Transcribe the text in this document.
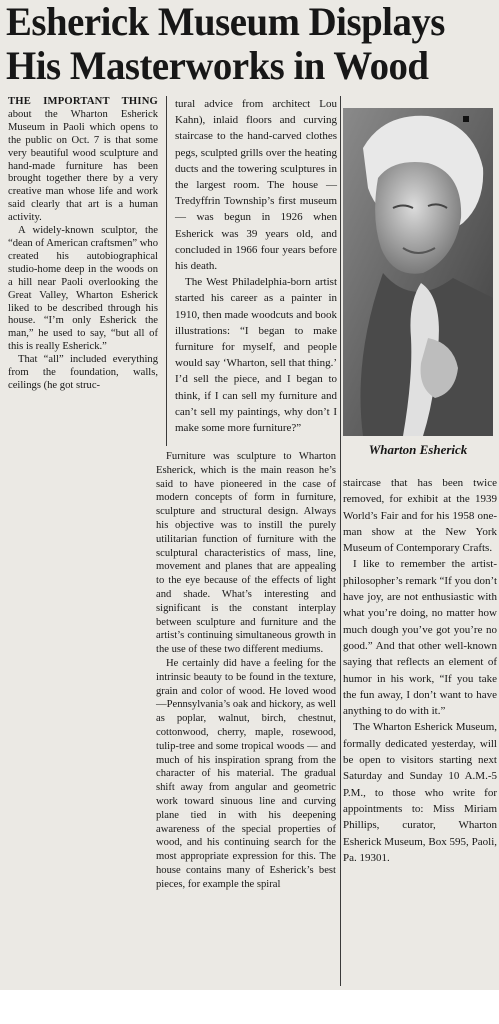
Esherick Museum Displays
His Masterworks in Wood

THE IMPORTANT THING about the Wharton Esherick Museum in Paoli which opens to the public on Oct. 7 is that some very beautiful wood sculpture and hand-made furniture has been brought together there by a very creative man whose life and work said clearly that art is a human activity.

A widely-known sculptor, the “dean of American craftsmen” who created his autobiographical studio-home deep in the woods on a hill near Paoli overlooking the Great Valley, Wharton Esherick liked to be described through his house. “I’m only Esherick the man,” he used to say, “but all of this is really Esherick.”

That “all” included everything from the foundation, walls, ceilings (he got struc-

tural advice from architect Lou Kahn), inlaid floors and curving staircase to the hand-carved clothes pegs, sculpted grills over the heating ducts and the towering sculptures in the largest room. The house — Tredyffrin Township’s first museum — was begun in 1926 when Esherick was 39 years old, and concluded in 1966 four years before his death.

The West Philadelphia-born artist started his career as a painter in 1910, then made woodcuts and book illustrations: “I began to make furniture for myself, and people would say ‘Wharton, sell that thing.’ I’d sell the piece, and I began to think, if I can sell my furniture and can’t sell my paintings, why don’t I make some more furniture?”

Furniture was sculpture to Wharton Esherick, which is the main reason he’s said to have pioneered in the case of modern concepts of form in furniture, sculpture and structural design. Always his objective was to instill the purely utilitarian function of furniture with the sculptural characteristics of mass, line, movement and planes that are appealing to the eye because of the effects of light and shade. What’s interesting and significant is the constant interplay between sculpture and furniture and the artist’s continuing simultaneous growth in the use of these two different mediums.

He certainly did have a feeling for the intrinsic beauty to be found in the texture, grain and color of wood. He loved wood—Pennsylvania’s oak and hickory, as well as poplar, walnut, birch, chestnut, cottonwood, cherry, maple, rosewood, tulip-tree and some tropical woods — and much of his inspiration sprang from the character of his material. The gradual shift away from angular and geometric work toward sinuous line and curving plane tied in with his deepening awareness of the special properties of wood, and his continuing search for the most appropriate expression for this. The house contains many of Esherick’s best pieces, for example the spiral

Wharton Esherick

staircase that has been twice removed, for exhibit at the 1939 World’s Fair and for his 1958 one-man show at the New York Museum of Contemporary Crafts.

I like to remember the artist-philosopher’s remark “If you don’t have joy, are not enthusiastic with what you’re doing, no matter how much dough you’ve got you’re no good.” And that other well-known saying that reflects an element of humor in his work, “If you take the fun away, I don’t want to have anything to do with it.”

The Wharton Esherick Museum, formally dedicated yesterday, will be open to visitors starting next Saturday and Sunday 10 A.M.-5 P.M., to those who write for appointments to: Miss Miriam Phillips, curator, Wharton Esherick Museum, Box 595, Paoli, Pa. 19301.
